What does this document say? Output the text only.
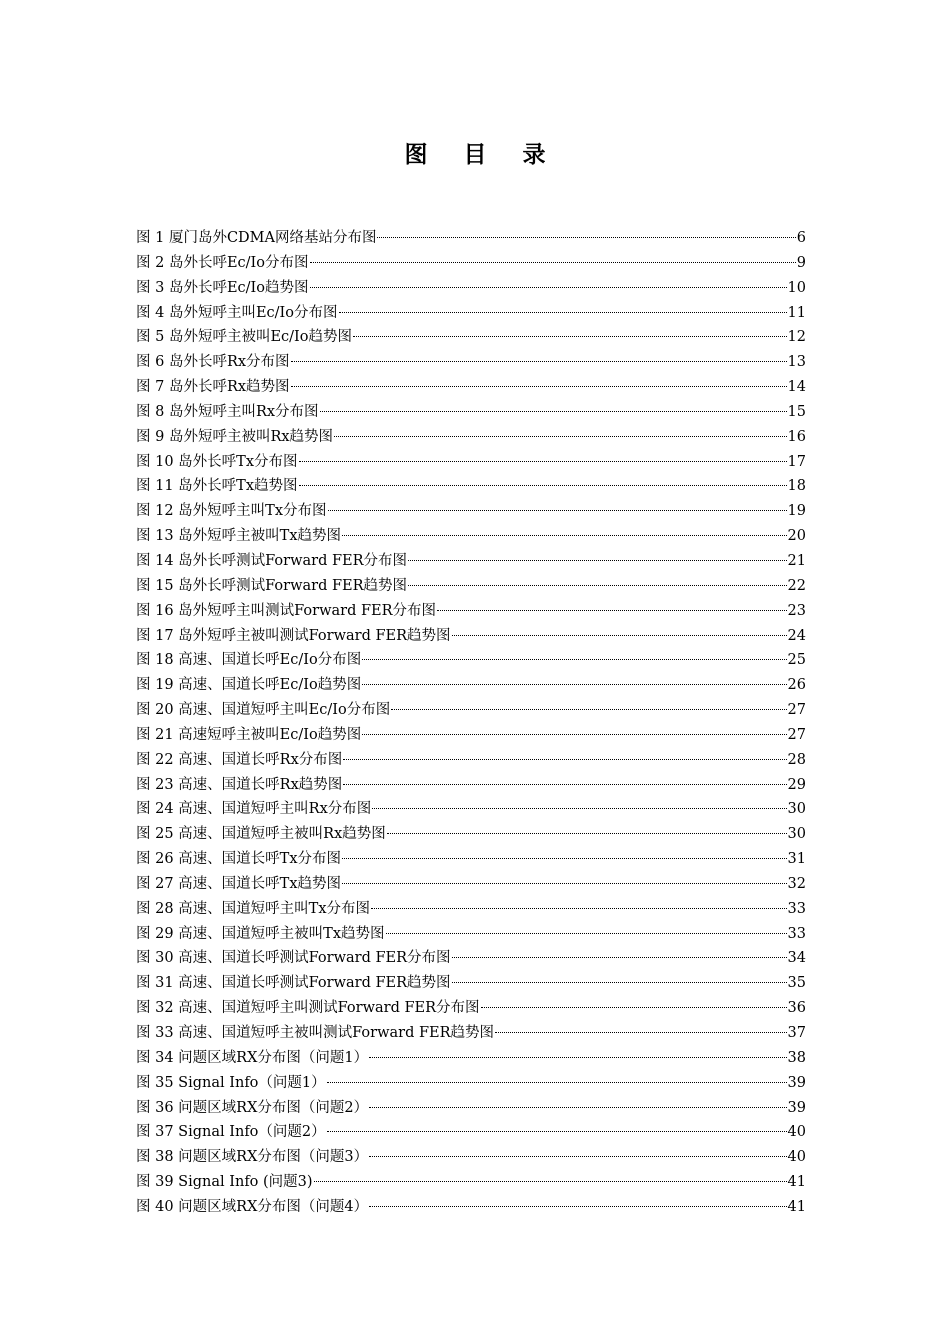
图 目 录
图 1 厦门岛外CDMA网络基站分布图	6
图 2 岛外长呼Ec/Io分布图	9
图 3 岛外长呼Ec/Io趋势图	10
图 4 岛外短呼主叫Ec/Io分布图	11
图 5 岛外短呼主被叫Ec/Io趋势图	12
图 6 岛外长呼Rx分布图	13
图 7 岛外长呼Rx趋势图	14
图 8 岛外短呼主叫Rx分布图	15
图 9 岛外短呼主被叫Rx趋势图	16
图 10 岛外长呼Tx分布图	17
图 11 岛外长呼Tx趋势图	18
图 12 岛外短呼主叫Tx分布图	19
图 13 岛外短呼主被叫Tx趋势图	20
图 14 岛外长呼测试Forward FER分布图	21
图 15 岛外长呼测试Forward FER趋势图	22
图 16 岛外短呼主叫测试Forward FER分布图	23
图 17 岛外短呼主被叫测试Forward FER趋势图	24
图 18 高速、国道长呼Ec/Io分布图	25
图 19 高速、国道长呼Ec/Io趋势图	26
图 20 高速、国道短呼主叫Ec/Io分布图	27
图 21 高速短呼主被叫Ec/Io趋势图	27
图 22 高速、国道长呼Rx分布图	28
图 23 高速、国道长呼Rx趋势图	29
图 24 高速、国道短呼主叫Rx分布图	30
图 25 高速、国道短呼主被叫Rx趋势图	30
图 26 高速、国道长呼Tx分布图	31
图 27 高速、国道长呼Tx趋势图	32
图 28 高速、国道短呼主叫Tx分布图	33
图 29 高速、国道短呼主被叫Tx趋势图	33
图 30 高速、国道长呼测试Forward FER分布图	34
图 31 高速、国道长呼测试Forward FER趋势图	35
图 32 高速、国道短呼主叫测试Forward FER分布图	36
图 33 高速、国道短呼主被叫测试Forward FER趋势图	37
图 34 问题区域RX分布图（问题1）	38
图 35 Signal Info（问题1）	39
图 36 问题区域RX分布图（问题2）	39
图 37 Signal Info（问题2）	40
图 38 问题区域RX分布图（问题3）	40
图 39 Signal Info (问题3)	41
图 40 问题区域RX分布图（问题4）	41
